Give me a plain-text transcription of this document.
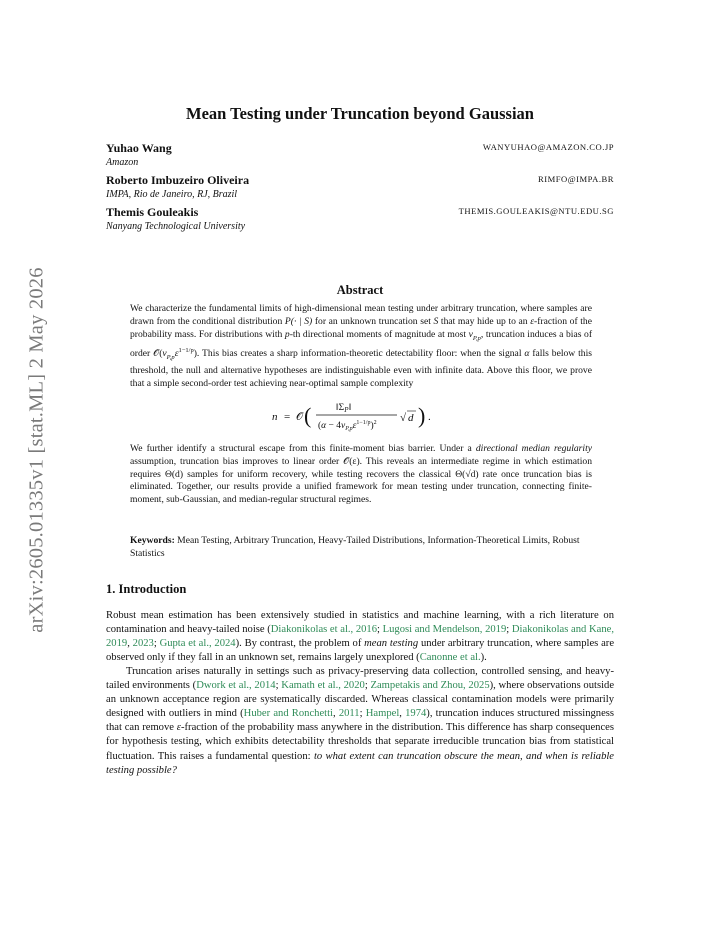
arXiv:2605.01335v1 [stat.ML] 2 May 2026
Mean Testing under Truncation beyond Gaussian
Yuhao Wang	WANYUHAO@AMAZON.CO.JP
Amazon
Roberto Imbuzeiro Oliveira	RIMFO@IMPA.BR
IMPA, Rio de Janeiro, RJ, Brazil
Themis Gouleakis	THEMIS.GOULEAKIS@NTU.EDU.SG
Nanyang Technological University
Abstract
We characterize the fundamental limits of high-dimensional mean testing under arbitrary truncation, where samples are drawn from the conditional distribution P(· | S) for an unknown truncation set S that may hide up to an ε-fraction of the probability mass. For distributions with p-th directional moments of magnitude at most $\nu_{P,p}$, truncation induces a bias of order $𝒪(\nu_{P,p}\varepsilon^{1-1/p})$. This bias creates a sharp information-theoretic detectability floor: when the signal α falls below this threshold, the null and alternative hypotheses are indistinguishable even with infinite data. Above this floor, we prove that a simple second-order test achieving near-optimal sample complexity
n = 𝒪 (	$‖\Sigma_P‖$
$(\alpha - 4\nu_{P,p}\varepsilon^{1-1/p})^2$ √ d ) .
We further identify a structural escape from this finite-moment bias barrier. Under a directional median regularity assumption, truncation bias improves to linear order 𝒪(ε). This reveals an intermediate regime in which estimation requires Θ(d) samples for uniform recovery, while testing recovers the classical Θ(√d) rate once truncation bias is eliminated. Together, our results provide a unified framework for mean testing under truncation, connecting finite-moment, sub-Gaussian, and median-regular structural regimes.
Keywords: Mean Testing, Arbitrary Truncation, Heavy-Tailed Distributions, Information-Theoretical Limits, Robust Statistics
1. Introduction
Robust mean estimation has been extensively studied in statistics and machine learning, with a rich literature on contamination and heavy-tailed noise (Diakonikolas et al., 2016; Lugosi and Mendelson, 2019; Diakonikolas and Kane, 2019, 2023; Gupta et al., 2024). By contrast, the problem of mean testing under arbitrary truncation, where samples are observed only if they fall in an unknown set, remains largely unexplored (Canonne et al.).
Truncation arises naturally in settings such as privacy-preserving data collection, controlled sensing, and heavy-tailed environments (Dwork et al., 2014; Kamath et al., 2020; Zampetakis and Zhou, 2025), where observations outside an unknown acceptance region are systematically discarded. Whereas classical contamination models were primarily designed with outliers in mind (Huber and Ronchetti, 2011; Hampel, 1974), truncation induces structured missingness that can remove ε-fraction of the probability mass anywhere in the distribution. This difference has sharp consequences for hypothesis testing, which exhibits detectability thresholds that separate irreducible truncation bias from statistical fluctuation. This raises a fundamental question: to what extent can truncation obscure the mean, and when is reliable testing possible?
